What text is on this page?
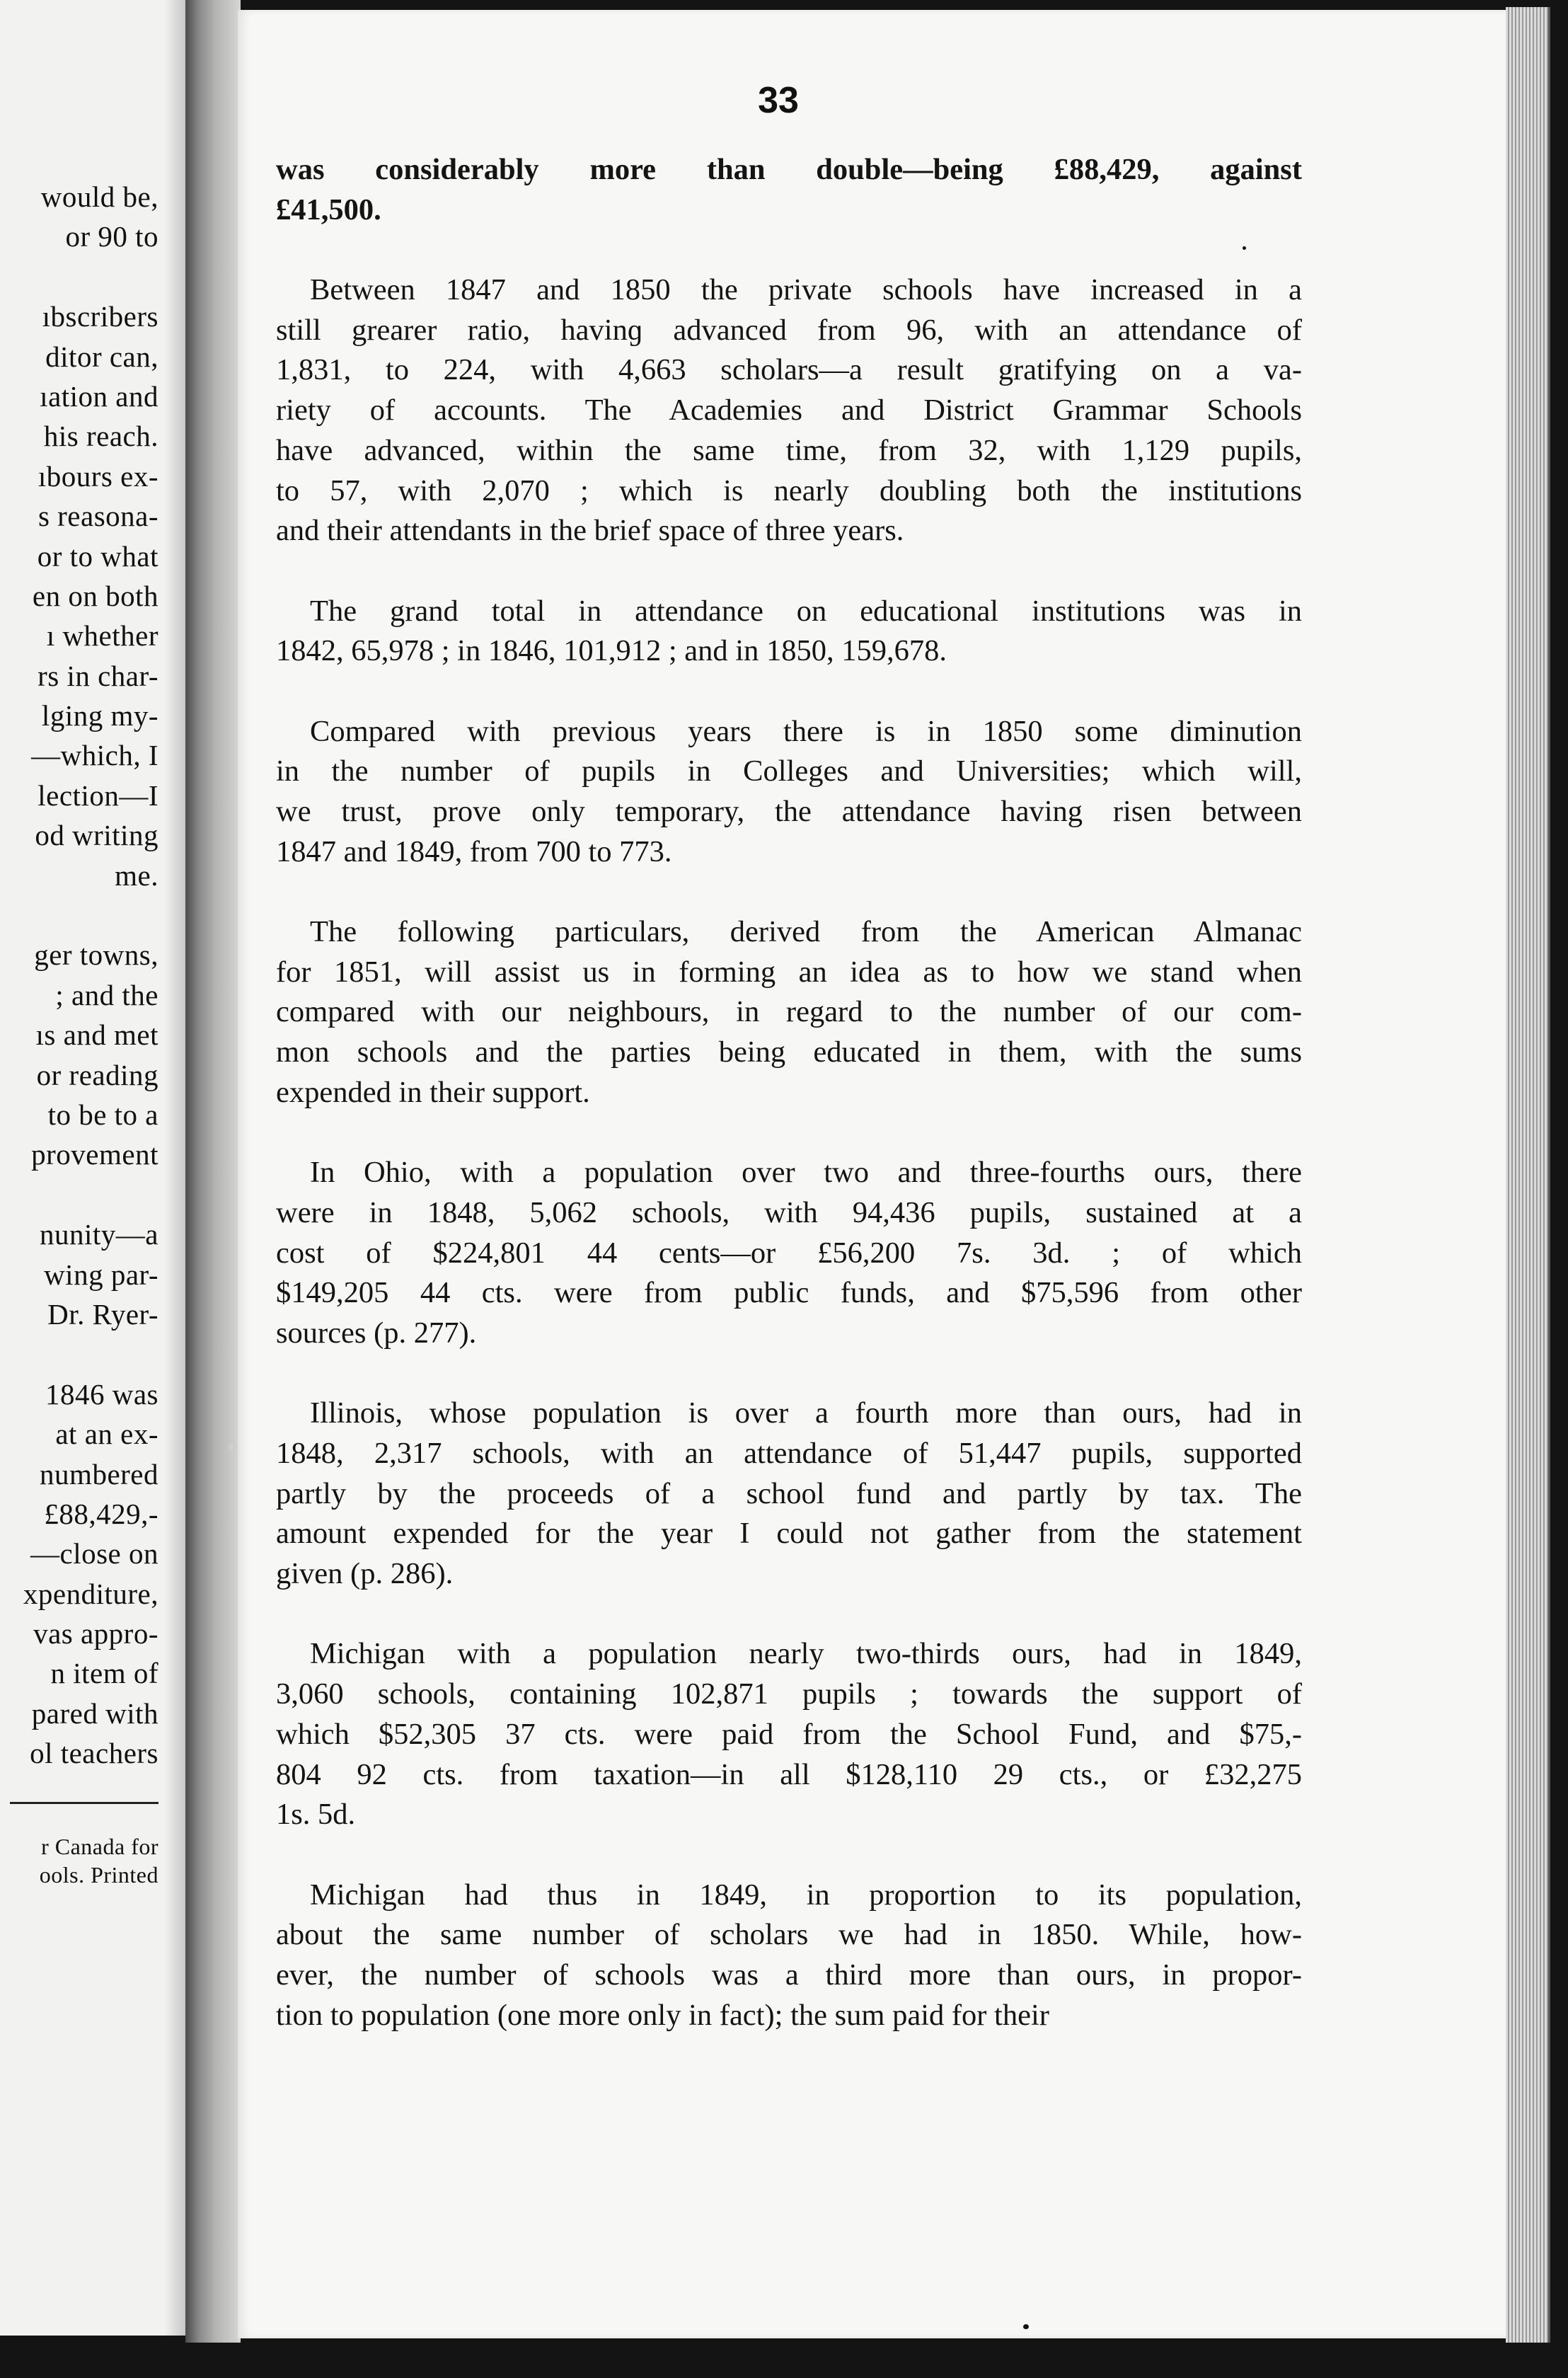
would be,
or 90 to
ıbscribers
ditor can,
ıation and
his reach.
ıbours ex-
s reasona-
or to what
en on both
ı whether
rs in char-
lging my-
—which, I
lection—I
od writing
me.
ger towns,
; and the
ıs and met
or reading
to be to a
provement
nunity—a
wing par-
Dr. Ryer-
1846 was
at an ex-
numbered
£88,429,-
—close on
xpenditure,
vas appro-
n item of
pared with
ol teachers
r Canada for
ools. Printed
33
was considerably more than double—being £88,429, against
£41,500.
Between 1847 and 1850 the private schools have increased in a
still grearer ratio, havinɡ advanced from 96, with an attendance of
1,831, to 224, with 4,663 scholars—a result gratifying on a va-
riety of accounts. The Academies and District Grammar Schools
have advanced, within the same time, from 32, with 1,129 pupils,
to 57, with 2,070 ; which is nearly doubling both the institutions
and their attendants in the brief space of three years.
The grand total in attendance on educational institutions was in
1842, 65,978 ; in 1846, 101,912 ; and in 1850, 159,678.
Compared with previous years there is in 1850 some diminution
in the number of pupils in Colleges and Universities; which will,
we trust, prove only temporary, the attendance having risen between
1847 and 1849, from 700 to 773.
The following particulars, derived from the American Almanac
for 1851, will assist us in forming an idea as to how we stand when
compared with our neighbours, in regard to the number of our com-
mon schools and the parties being educated in them, with the sums
expended in their support.
In Ohio, with a population over two and three-fourths ours, there
were in 1848, 5,062 schools, with 94,436 pupils, sustained at a
cost of $224,801 44 cents—or £56,200 7s. 3d. ; of which
$149,205 44 cts. were from public funds, and $75,596 from other
sources (p. 277).
Illinois, whose population is over a fourth more than ours, had in
1848, 2,317 schools, with an attendance of 51,447 pupils, supported
partly by the proceeds of a school fund and partly by tax. The
amount expended for the year I could not gather from the statement
given (p. 286).
Michigan with a population nearly two-thirds ours, had in 1849,
3,060 schools, containing 102,871 pupils ; towards the support of
which $52,305 37 cts. were paid from the School Fund, and $75,-
804 92 cts. from taxation—in all $128,110 29 cts., or £32,275
1s. 5d.
Michigan had thus in 1849, in proportion to its population,
about the same number of scholars we had in 1850. While, how-
ever, the number of schools was a third more than ours, in propor-
tion to population (one more only in fact); the sum paid for their
